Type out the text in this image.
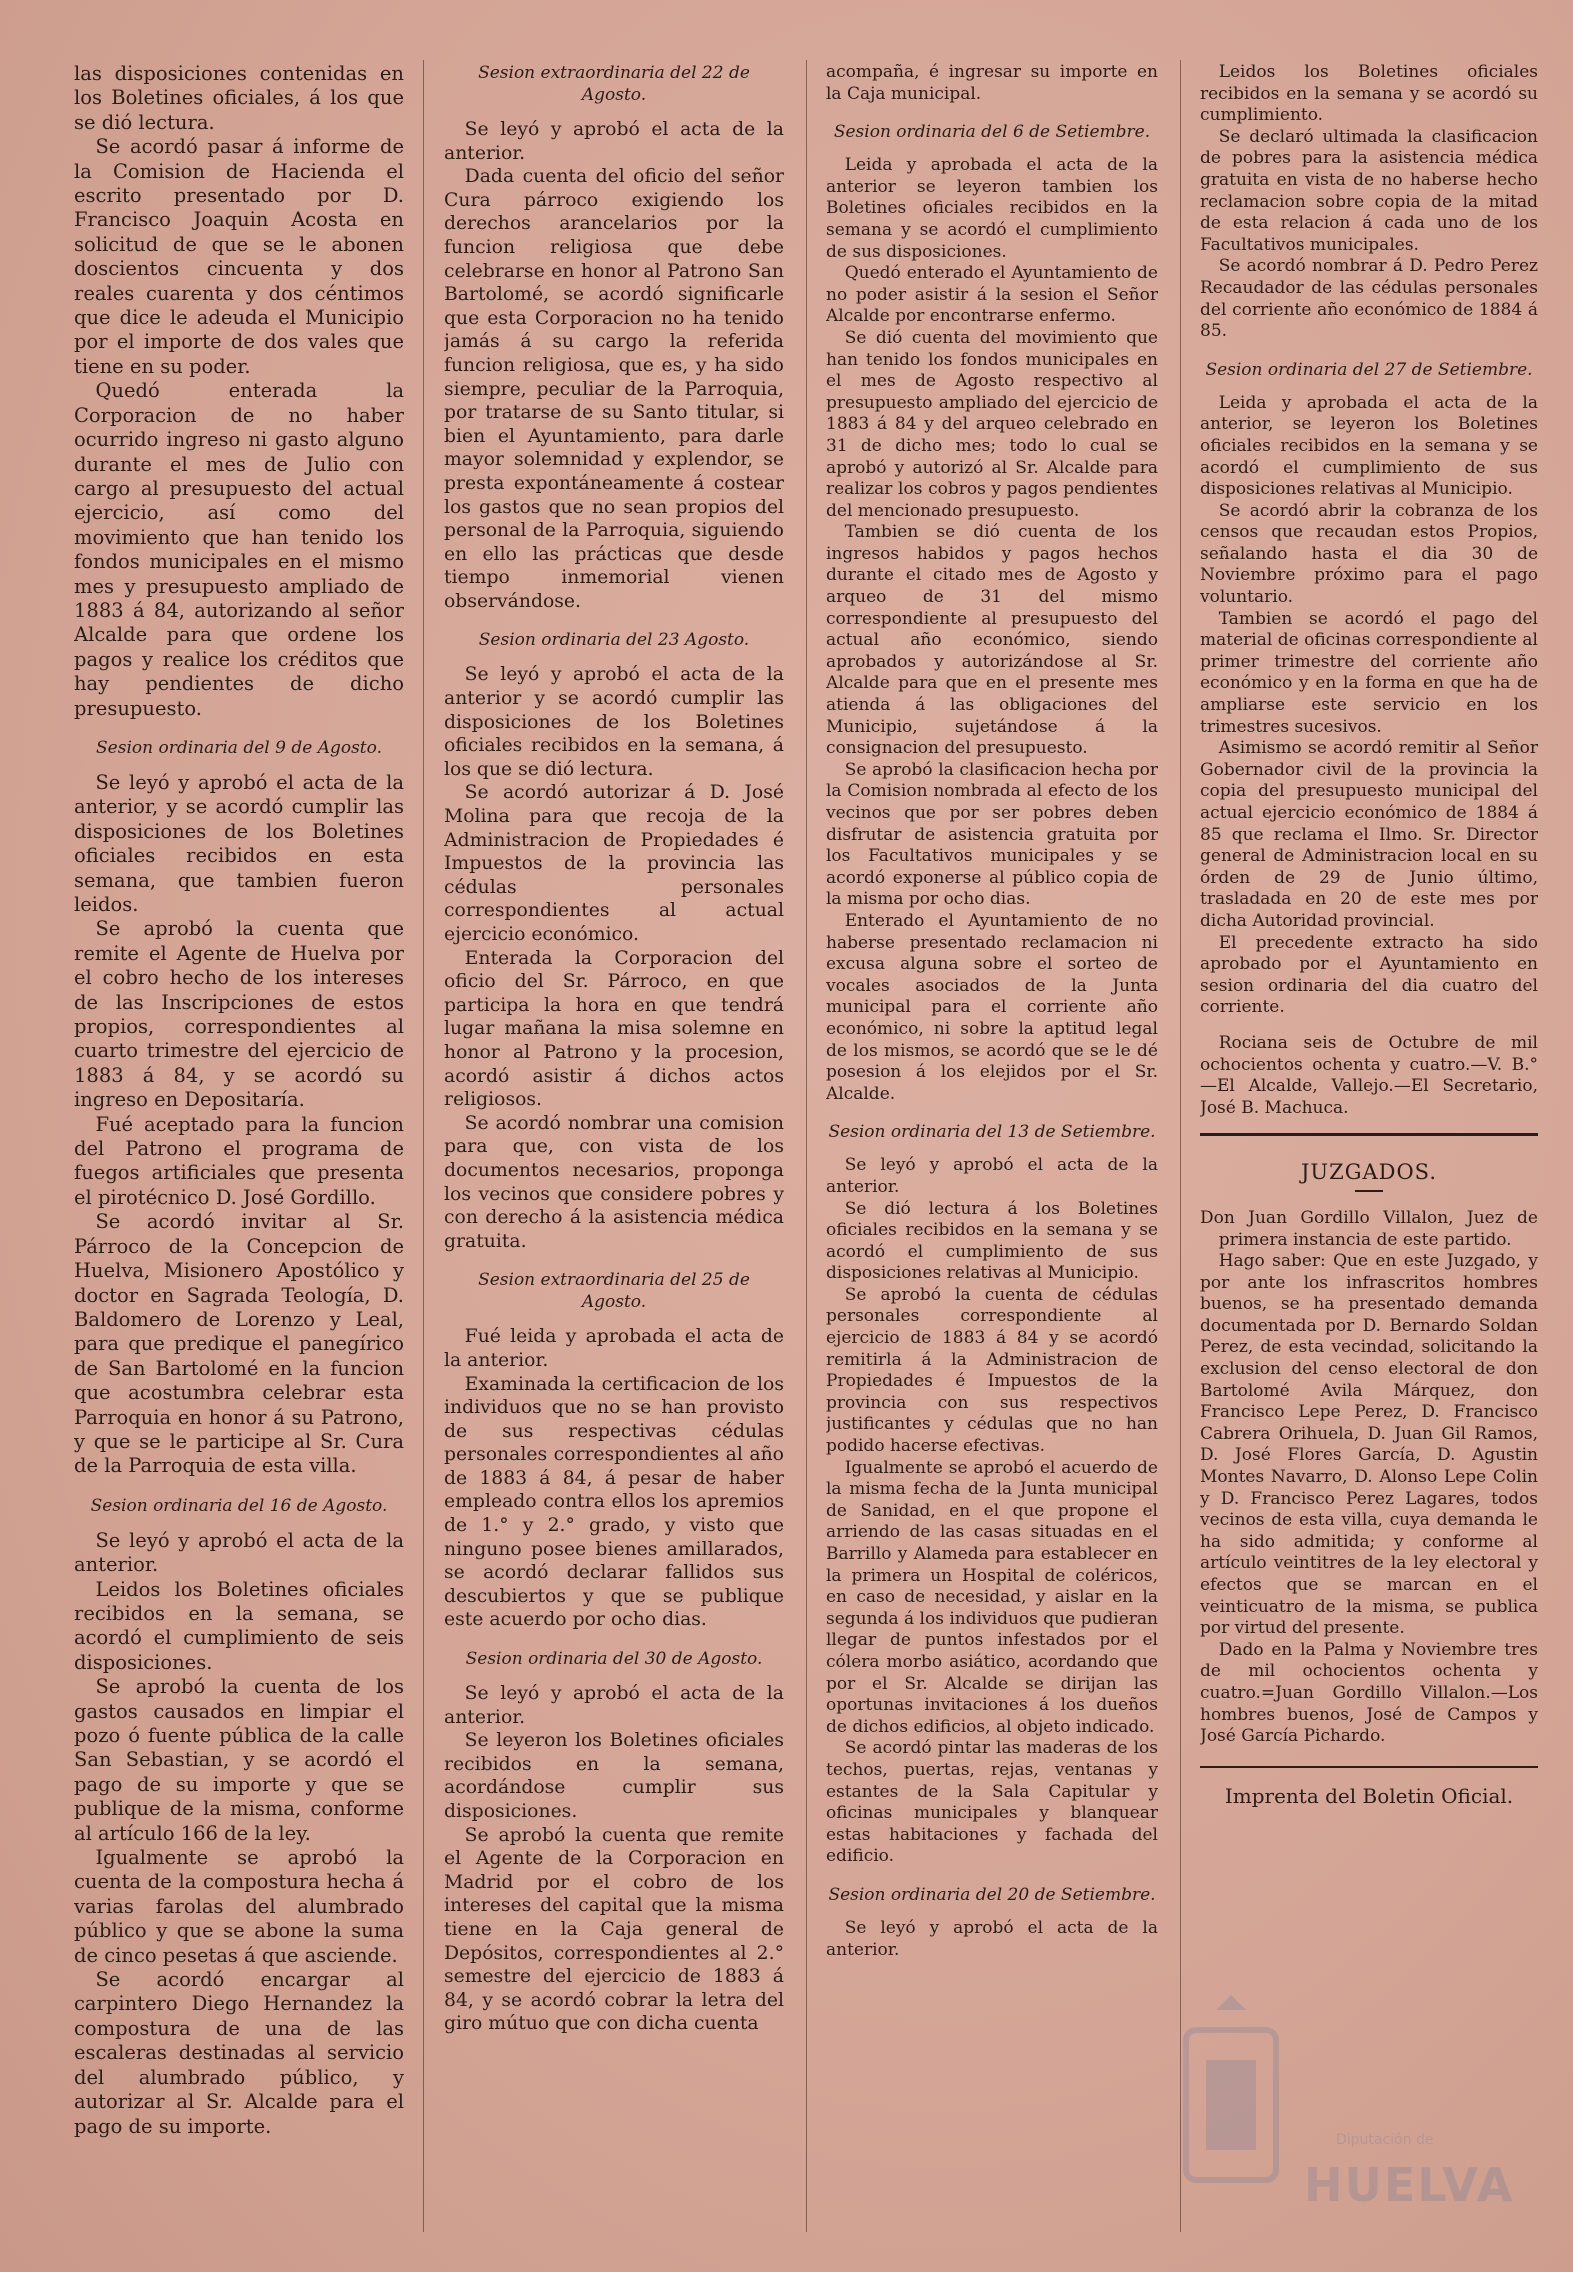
las disposiciones contenidas en los Boletines oficiales, á los que se dió lectura.

Se acordó pasar á informe de la Comision de Hacienda el escrito presentado por D. Francisco Joaquin Acosta en solicitud de que se le abonen doscientos cincuenta y dos reales cuarenta y dos céntimos que dice le adeuda el Municipio por el importe de dos vales que tiene en su poder.

Quedó enterada la Corporacion de no haber ocurrido ingreso ni gasto alguno durante el mes de Julio con cargo al presupuesto del actual ejercicio, así como del movimiento que han tenido los fondos municipales en el mismo mes y presupuesto ampliado de 1883 á 84, autorizando al señor Alcalde para que ordene los pagos y realice los créditos que hay pendientes de dicho presupuesto.

Sesion ordinaria del 9 de Agosto.

Se leyó y aprobó el acta de la anterior, y se acordó cumplir las disposiciones de los Boletines oficiales recibidos en esta semana, que tambien fueron leidos.

Se aprobó la cuenta que remite el Agente de Huelva por el cobro hecho de los intereses de las Inscripciones de estos propios, correspondientes al cuarto trimestre del ejercicio de 1883 á 84, y se acordó su ingreso en Depositaría.

Fué aceptado para la funcion del Patrono el programa de fuegos artificiales que presenta el pirotécnico D. José Gordillo.

Se acordó invitar al Sr. Párroco de la Concepcion de Huelva, Misionero Apostólico y doctor en Sagrada Teología, D. Baldomero de Lorenzo y Leal, para que predique el panegírico de San Bartolomé en la funcion que acostumbra celebrar esta Parroquia en honor á su Patrono, y que se le participe al Sr. Cura de la Parroquia de esta villa.

Sesion ordinaria del 16 de Agosto.

Se leyó y aprobó el acta de la anterior.

Leidos los Boletines oficiales recibidos en la semana, se acordó el cumplimiento de seis disposiciones.

Se aprobó la cuenta de los gastos causados en limpiar el pozo ó fuente pública de la calle San Sebastian, y se acordó el pago de su importe y que se publique de la misma, conforme al artículo 166 de la ley.

Igualmente se aprobó la cuenta de la compostura hecha á varias farolas del alumbrado público y que se abone la suma de cinco pesetas á que asciende.

Se acordó encargar al carpintero Diego Hernandez la compostura de una de las escaleras destinadas al servicio del alumbrado público, y autorizar al Sr. Alcalde para el pago de su importe.

Sesion extraordinaria del 22 de Agosto.

Se leyó y aprobó el acta de la anterior.

Dada cuenta del oficio del señor Cura párroco exigiendo los derechos arancelarios por la funcion religiosa que debe celebrarse en honor al Patrono San Bartolomé, se acordó significarle que esta Corporacion no ha tenido jamás á su cargo la referida funcion religiosa, que es, y ha sido siempre, peculiar de la Parroquia, por tratarse de su Santo titular, si bien el Ayuntamiento, para darle mayor solemnidad y explendor, se presta expontáneamente á costear los gastos que no sean propios del personal de la Parroquia, siguiendo en ello las prácticas que desde tiempo inmemorial vienen observándose.

Sesion ordinaria del 23 Agosto.

Se leyó y aprobó el acta de la anterior y se acordó cumplir las disposiciones de los Boletines oficiales recibidos en la semana, á los que se dió lectura.

Se acordó autorizar á D. José Molina para que recoja de la Administracion de Propiedades é Impuestos de la provincia las cédulas personales correspondientes al actual ejercicio económico.

Enterada la Corporacion del oficio del Sr. Párroco, en que participa la hora en que tendrá lugar mañana la misa solemne en honor al Patrono y la procesion, acordó asistir á dichos actos religiosos.

Se acordó nombrar una comision para que, con vista de los documentos necesarios, proponga los vecinos que considere pobres y con derecho á la asistencia médica gratuita.

Sesion extraordinaria del 25 de Agosto.

Fué leida y aprobada el acta de la anterior.

Examinada la certificacion de los individuos que no se han provisto de sus respectivas cédulas personales correspondientes al año de 1883 á 84, á pesar de haber empleado contra ellos los apremios de 1.° y 2.° grado, y visto que ninguno posee bienes amillarados, se acordó declarar fallidos sus descubiertos y que se publique este acuerdo por ocho dias.

Sesion ordinaria del 30 de Agosto.

Se leyó y aprobó el acta de la anterior.

Se leyeron los Boletines oficiales recibidos en la semana, acordándose cumplir sus disposiciones.

Se aprobó la cuenta que remite el Agente de la Corporacion en Madrid por el cobro de los intereses del capital que la misma tiene en la Caja general de Depósitos, correspondientes al 2.° semestre del ejercicio de 1883 á 84, y se acordó cobrar la letra del giro mútuo que con dicha cuenta

acompaña, é ingresar su importe en la Caja municipal.

Sesion ordinaria del 6 de Setiembre.

Leida y aprobada el acta de la anterior se leyeron tambien los Boletines oficiales recibidos en la semana y se acordó el cumplimiento de sus disposiciones.

Quedó enterado el Ayuntamiento de no poder asistir á la sesion el Señor Alcalde por encontrarse enfermo.

Se dió cuenta del movimiento que han tenido los fondos municipales en el mes de Agosto respectivo al presupuesto ampliado del ejercicio de 1883 á 84 y del arqueo celebrado en 31 de dicho mes; todo lo cual se aprobó y autorizó al Sr. Alcalde para realizar los cobros y pagos pendientes del mencionado presupuesto.

Tambien se dió cuenta de los ingresos habidos y pagos hechos durante el citado mes de Agosto y arqueo de 31 del mismo correspondiente al presupuesto del actual año económico, siendo aprobados y autorizándose al Sr. Alcalde para que en el presente mes atienda á las obligaciones del Municipio, sujetándose á la consignacion del presupuesto.

Se aprobó la clasificacion hecha por la Comision nombrada al efecto de los vecinos que por ser pobres deben disfrutar de asistencia gratuita por los Facultativos municipales y se acordó exponerse al público copia de la misma por ocho dias.

Enterado el Ayuntamiento de no haberse presentado reclamacion ni excusa alguna sobre el sorteo de vocales asociados de la Junta municipal para el corriente año económico, ni sobre la aptitud legal de los mismos, se acordó que se le dé posesion á los elejidos por el Sr. Alcalde.

Sesion ordinaria del 13 de Setiembre.

Se leyó y aprobó el acta de la anterior.

Se dió lectura á los Boletines oficiales recibidos en la semana y se acordó el cumplimiento de sus disposiciones relativas al Municipio.

Se aprobó la cuenta de cédulas personales correspondiente al ejercicio de 1883 á 84 y se acordó remitirla á la Administracion de Propiedades é Impuestos de la provincia con sus respectivos justificantes y cédulas que no han podido hacerse efectivas.

Igualmente se aprobó el acuerdo de la misma fecha de la Junta municipal de Sanidad, en el que propone el arriendo de las casas situadas en el Barrillo y Alameda para establecer en la primera un Hospital de coléricos, en caso de necesidad, y aislar en la segunda á los individuos que pudieran llegar de puntos infestados por el cólera morbo asiático, acordando que por el Sr. Alcalde se dirijan las oportunas invitaciones á los dueños de dichos edificios, al objeto indicado.

Se acordó pintar las maderas de los techos, puertas, rejas, ventanas y estantes de la Sala Capitular y oficinas municipales y blanquear estas habitaciones y fachada del edificio.

Sesion ordinaria del 20 de Setiembre.

Se leyó y aprobó el acta de la anterior.

Leidos los Boletines oficiales recibidos en la semana y se acordó su cumplimiento.

Se declaró ultimada la clasificacion de pobres para la asistencia médica gratuita en vista de no haberse hecho reclamacion sobre copia de la mitad de esta relacion á cada uno de los Facultativos municipales.

Se acordó nombrar á D. Pedro Perez Recaudador de las cédulas personales del corriente año económico de 1884 á 85.

Sesion ordinaria del 27 de Setiembre.

Leida y aprobada el acta de la anterior, se leyeron los Boletines oficiales recibidos en la semana y se acordó el cumplimiento de sus disposiciones relativas al Municipio.

Se acordó abrir la cobranza de los censos que recaudan estos Propios, señalando hasta el dia 30 de Noviembre próximo para el pago voluntario.

Tambien se acordó el pago del material de oficinas correspondiente al primer trimestre del corriente año económico y en la forma en que ha de ampliarse este servicio en los trimestres sucesivos.

Asimismo se acordó remitir al Señor Gobernador civil de la provincia la copia del presupuesto municipal del actual ejercicio económico de 1884 á 85 que reclama el Ilmo. Sr. Director general de Administracion local en su órden de 29 de Junio último, trasladada en 20 de este mes por dicha Autoridad provincial.

El precedente extracto ha sido aprobado por el Ayuntamiento en sesion ordinaria del dia cuatro del corriente.

Rociana seis de Octubre de mil ochocientos ochenta y cuatro.—V. B.° —El Alcalde, Vallejo.—El Secretario, José B. Machuca.

JUZGADOS.

Don Juan Gordillo Villalon, Juez de primera instancia de este partido.

Hago saber: Que en este Juzgado, y por ante los infrascritos hombres buenos, se ha presentado demanda documentada por D. Bernardo Soldan Perez, de esta vecindad, solicitando la exclusion del censo electoral de don Bartolomé Avila Márquez, don Francisco Lepe Perez, D. Francisco Cabrera Orihuela, D. Juan Gil Ramos, D. José Flores García, D. Agustin Montes Navarro, D. Alonso Lepe Colin y D. Francisco Perez Lagares, todos vecinos de esta villa, cuya demanda le ha sido admitida; y conforme al artículo veintitres de la ley electoral y efectos que se marcan en el veinticuatro de la misma, se publica por virtud del presente.

Dado en la Palma y Noviembre tres de mil ochocientos ochenta y cuatro.=Juan Gordillo Villalon.—Los hombres buenos, José de Campos y José García Pichardo.

Imprenta del Boletin Oficial.

Diputación de
HUELVA
